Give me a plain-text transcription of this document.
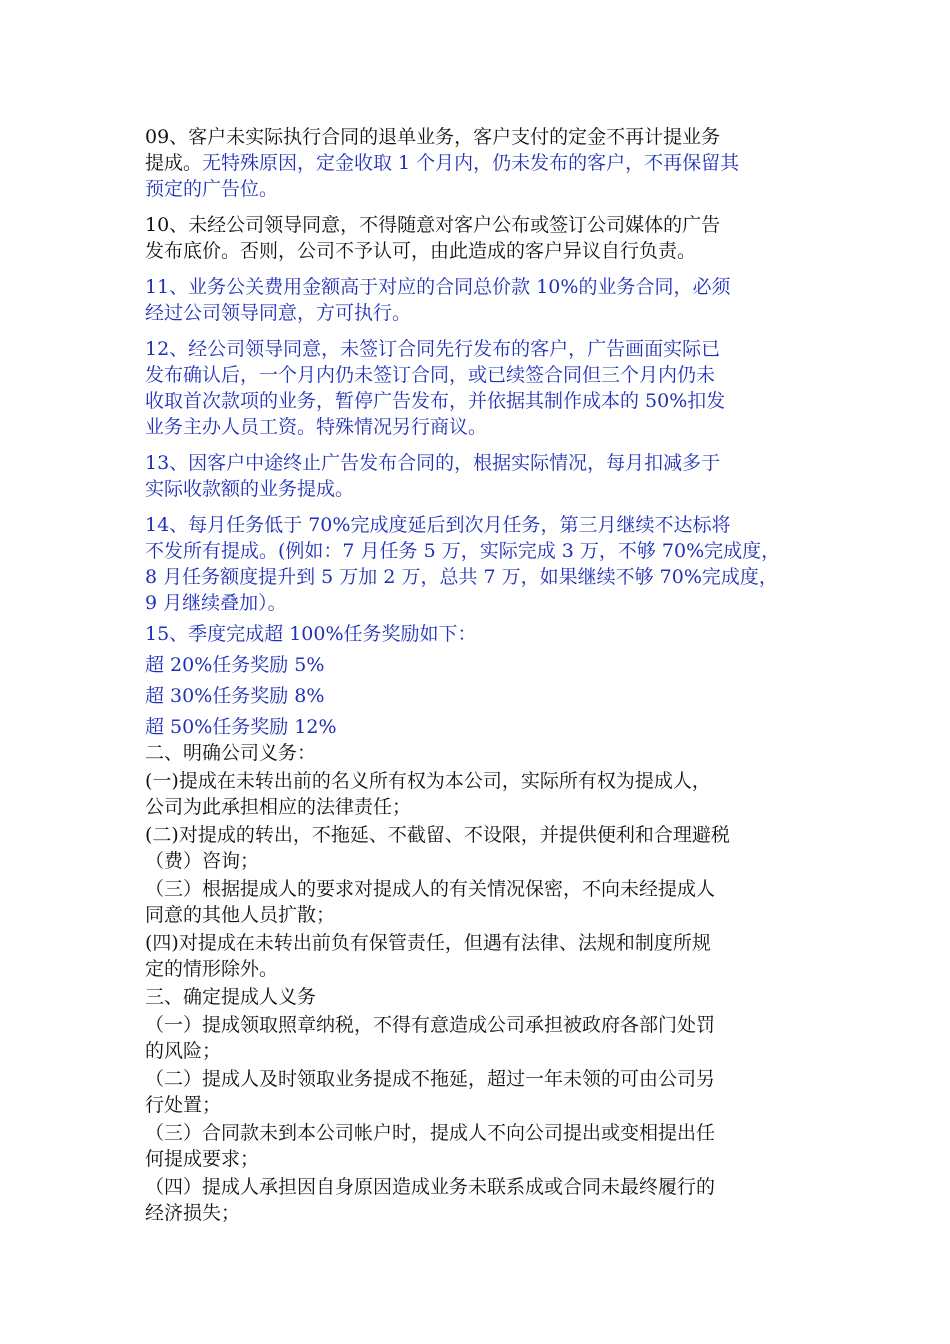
09、客户未实际执行合同的退单业务，客户支付的定金不再计提业务
提成。无特殊原因，定金收取 1 个月内，仍未发布的客户，不再保留其
预定的广告位。

10、未经公司领导同意，不得随意对客户公布或签订公司媒体的广告
发布底价。否则，公司不予认可，由此造成的客户异议自行负责。

11、业务公关费用金额高于对应的合同总价款 10%的业务合同，必须
经过公司领导同意，方可执行。

12、经公司领导同意，未签订合同先行发布的客户，广告画面实际已
发布确认后，一个月内仍未签订合同，或已续签合同但三个月内仍未
收取首次款项的业务，暂停广告发布，并依据其制作成本的 50%扣发
业务主办人员工资。特殊情况另行商议。

13、因客户中途终止广告发布合同的，根据实际情况，每月扣减多于
实际收款额的业务提成。

14、每月任务低于 70%完成度延后到次月任务，第三月继续不达标将
不发所有提成。(例如：7 月任务 5 万，实际完成 3 万，不够 70%完成度，
8 月任务额度提升到 5 万加 2 万，总共 7 万，如果继续不够 70%完成度，
9 月继续叠加）。

15、季度完成超 100%任务奖励如下：

超 20%任务奖励 5%

超 30%任务奖励 8%

超 50%任务奖励 12%

二、明确公司义务：

(一)提成在未转出前的名义所有权为本公司，实际所有权为提成人，
公司为此承担相应的法律责任；

(二)对提成的转出，不拖延、不截留、不设限，并提供便利和合理避税
（费）咨询；

（三）根据提成人的要求对提成人的有关情况保密，不向未经提成人
同意的其他人员扩散；

(四)对提成在未转出前负有保管责任，但遇有法律、法规和制度所规
定的情形除外。

三、确定提成人义务

（一）提成领取照章纳税，不得有意造成公司承担被政府各部门处罚
的风险；

（二）提成人及时领取业务提成不拖延，超过一年未领的可由公司另
行处置；

（三）合同款未到本公司帐户时，提成人不向公司提出或变相提出任
何提成要求；

（四）提成人承担因自身原因造成业务未联系成或合同未最终履行的
经济损失；
